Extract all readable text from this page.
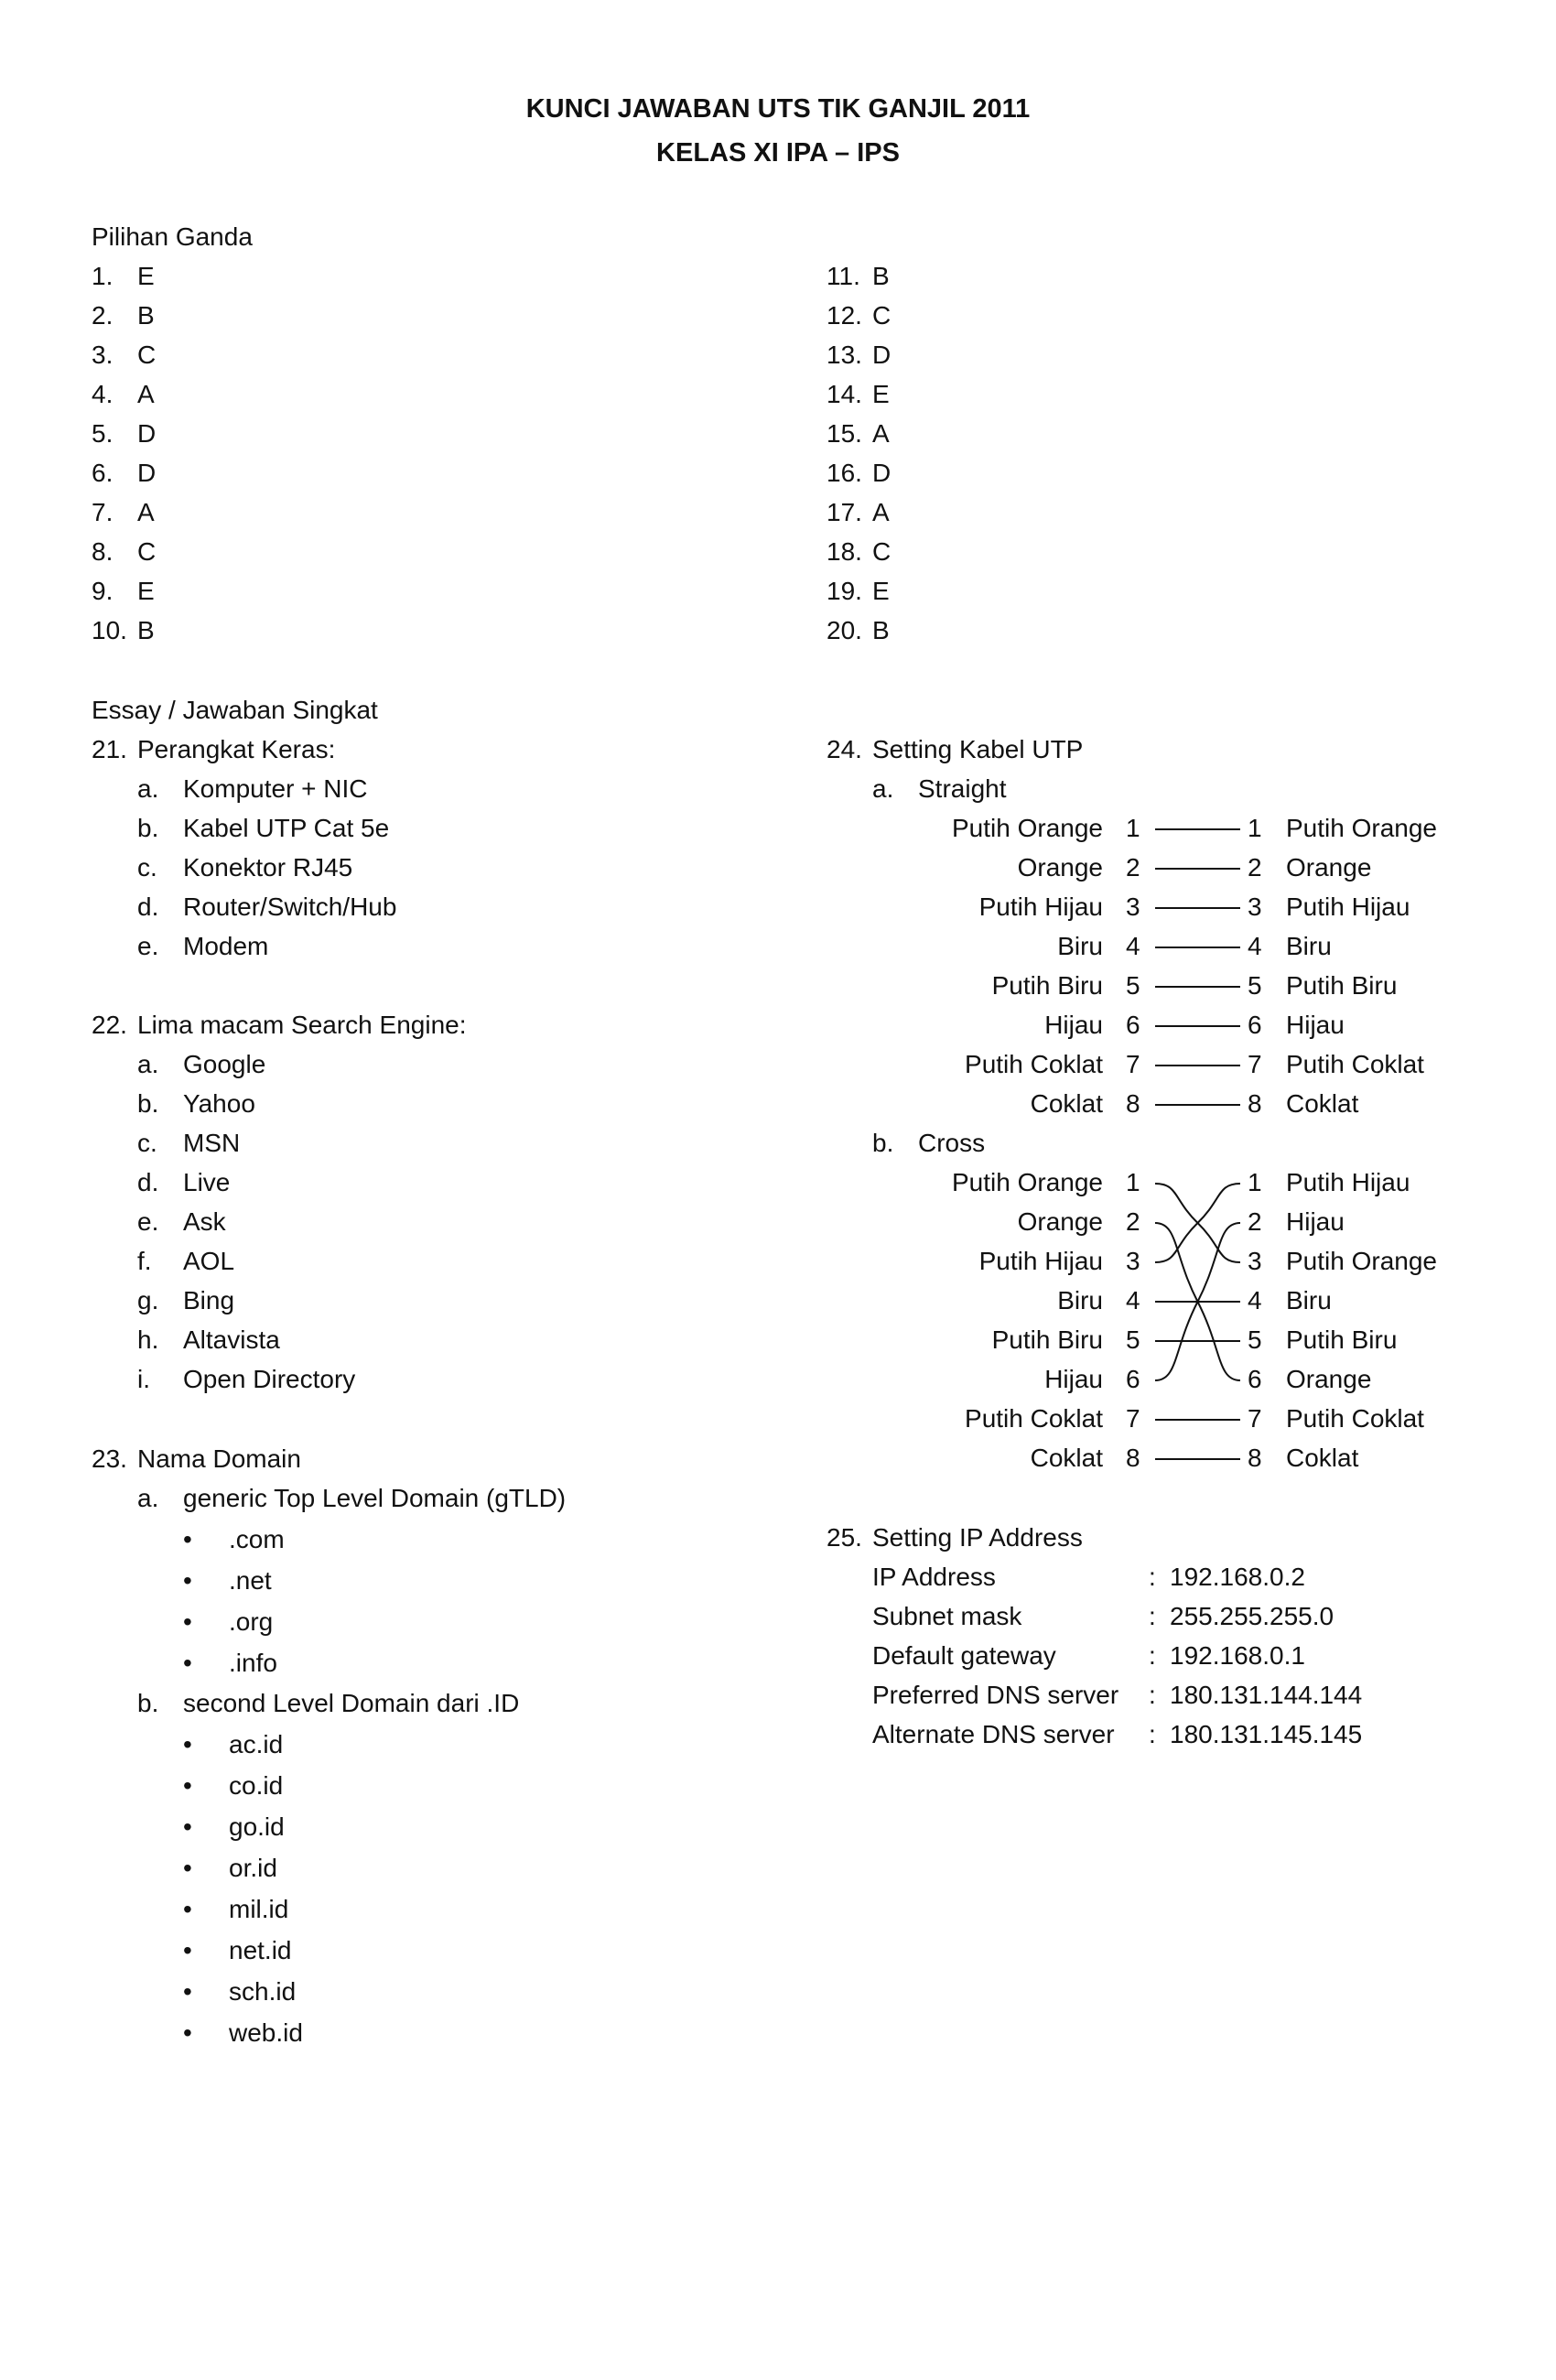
KUNCI JAWABAN UTS TIK GANJIL 2011
KELAS XI IPA – IPS
Pilihan Ganda
1. E
2. B
3. C
4. A
5. D
6. D
7. A
8. C
9. E
10. B
11. B
12. C
13. D
14. E
15. A
16. D
17. A
18. C
19. E
20. B
Essay / Jawaban Singkat
21. Perangkat Keras:
a. Komputer + NIC
b. Kabel UTP Cat 5e
c. Konektor RJ45
d. Router/Switch/Hub
e. Modem
22. Lima macam Search Engine:
a. Google
b. Yahoo
c. MSN
d. Live
e. Ask
f. AOL
g. Bing
h. Altavista
i. Open Directory
23. Nama Domain
a. generic Top Level Domain (gTLD)
• .com
• .net
• .org
• .info
b. second Level Domain dari .ID
• ac.id
• co.id
• go.id
• or.id
• mil.id
• net.id
• sch.id
• web.id
24. Setting Kabel UTP
a. Straight
Putih Orange 1	1 Putih Orange
Orange 2	2 Orange
Putih Hijau 3	3 Putih Hijau
Biru 4	4 Biru
Putih Biru 5	5 Putih Biru
Hijau 6	6 Hijau
Putih Coklat 7	7 Putih Coklat
Coklat 8	8 Coklat
b. Cross
Putih Orange 1	1 Putih Hijau
Orange 2	2 Hijau
Putih Hijau 3	3 Putih Orange
Biru 4	4 Biru
Putih Biru 5	5 Putih Biru
Hijau 6	6 Orange
Putih Coklat 7	7 Putih Coklat
Coklat 8	8 Coklat
25. Setting IP Address
IP Address	: 192.168.0.2
Subnet mask	: 255.255.255.0
Default gateway	: 192.168.0.1
Preferred DNS server : 180.131.144.144
Alternate DNS server : 180.131.145.145
